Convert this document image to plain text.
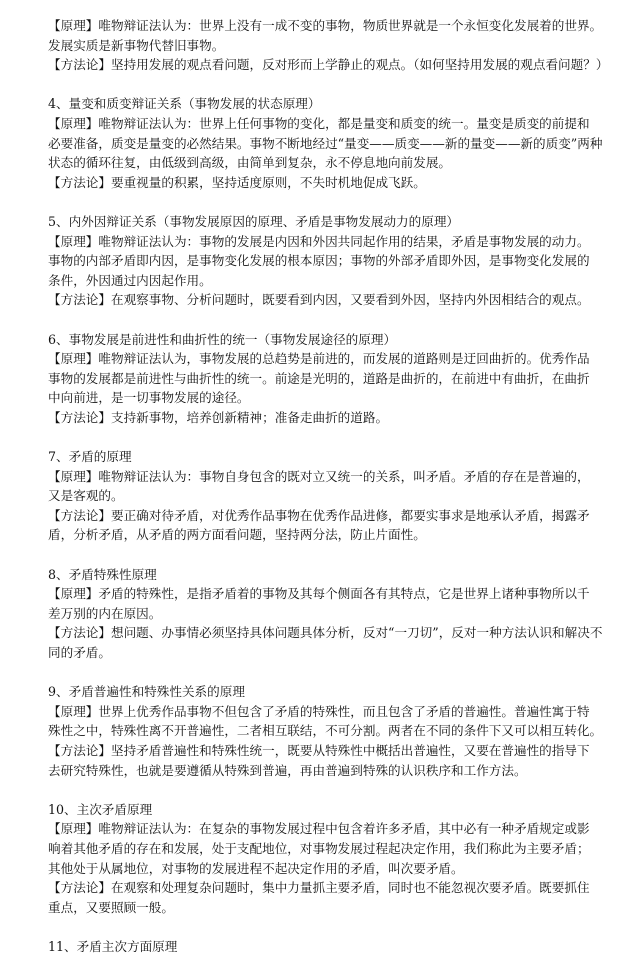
【原理】唯物辩证法认为：世界上没有一成不变的事物，物质世界就是一个永恒变化发展着的世界。

发展实质是新事物代替旧事物。

【方法论】坚持用发展的观点看问题，反对形而上学静止的观点。（如何坚持用发展的观点看问题？）

4、量变和质变辩证关系（事物发展的状态原理）

【原理】唯物辩证法认为：世界上任何事物的变化，都是量变和质变的统一。量变是质变的前提和

必要准备，质变是量变的必然结果。事物不断地经过“量变——质变——新的量变——新的质变”两种

状态的循环往复，由低级到高级，由简单到复杂，永不停息地向前发展。

【方法论】要重视量的积累，坚持适度原则，不失时机地促成飞跃。

5、内外因辩证关系（事物发展原因的原理、矛盾是事物发展动力的原理）

【原理】唯物辩证法认为：事物的发展是内因和外因共同起作用的结果，矛盾是事物发展的动力。

事物的内部矛盾即内因，是事物变化发展的根本原因；事物的外部矛盾即外因，是事物变化发展的

条件，外因通过内因起作用。

【方法论】在观察事物、分析问题时，既要看到内因，又要看到外因，坚持内外因相结合的观点。

6、事物发展是前进性和曲折性的统一（事物发展途径的原理）

【原理】唯物辩证法认为，事物发展的总趋势是前进的，而发展的道路则是迂回曲折的。优秀作品

事物的发展都是前进性与曲折性的统一。前途是光明的，道路是曲折的，在前进中有曲折，在曲折

中向前进，是一切事物发展的途径。

【方法论】支持新事物，培养创新精神；准备走曲折的道路。

7、矛盾的原理

【原理】唯物辩证法认为：事物自身包含的既对立又统一的关系，叫矛盾。矛盾的存在是普遍的，

又是客观的。

【方法论】要正确对待矛盾，对优秀作品事物在优秀作品进修，都要实事求是地承认矛盾，揭露矛

盾，分析矛盾，从矛盾的两方面看问题，坚持两分法，防止片面性。

8、矛盾特殊性原理

【原理】矛盾的特殊性，是指矛盾着的事物及其每个侧面各有其特点，它是世界上诸种事物所以千

差万别的内在原因。

【方法论】想问题、办事情必须坚持具体问题具体分析，反对“一刀切”，反对一种方法认识和解决不

同的矛盾。

9、矛盾普遍性和特殊性关系的原理

【原理】世界上优秀作品事物不但包含了矛盾的特殊性，而且包含了矛盾的普遍性。普遍性寓于特

殊性之中，特殊性离不开普遍性，二者相互联结，不可分割。两者在不同的条件下又可以相互转化。

【方法论】坚持矛盾普遍性和特殊性统一，既要从特殊性中概括出普遍性，又要在普遍性的指导下

去研究特殊性，也就是要遵循从特殊到普遍，再由普遍到特殊的认识秩序和工作方法。

10、主次矛盾原理

【原理】唯物辩证法认为：在复杂的事物发展过程中包含着许多矛盾，其中必有一种矛盾规定或影

响着其他矛盾的存在和发展，处于支配地位，对事物发展过程起决定作用，我们称此为主要矛盾；

其他处于从属地位，对事物的发展进程不起决定作用的矛盾，叫次要矛盾。

【方法论】在观察和处理复杂问题时，集中力量抓主要矛盾，同时也不能忽视次要矛盾。既要抓住

重点，又要照顾一般。

11、矛盾主次方面原理
